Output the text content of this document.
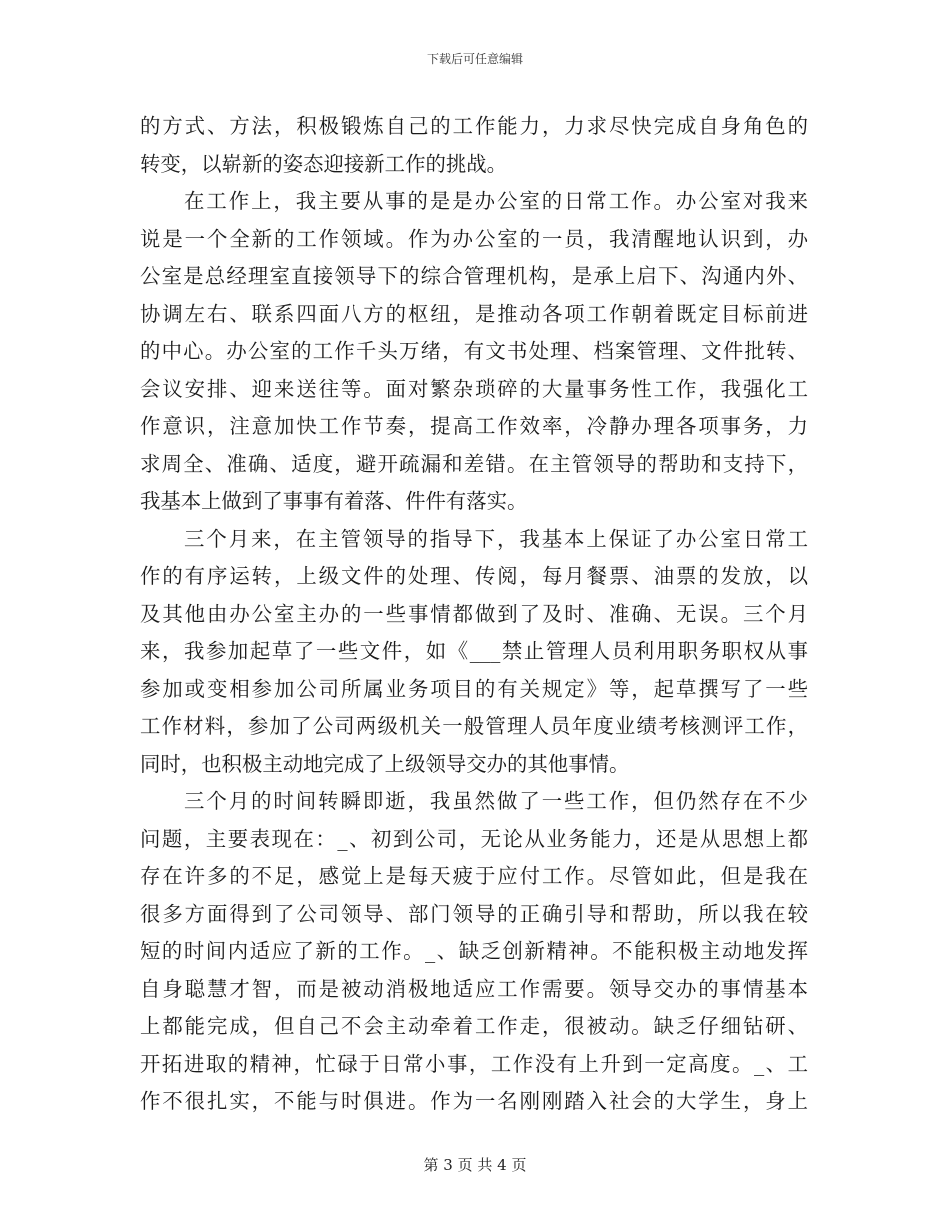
下载后可任意编辑
的方式、方法，积极锻炼自己的工作能力，力求尽快完成自身角色的
转变，以崭新的姿态迎接新工作的挑战。
在工作上，我主要从事的是是办公室的日常工作。办公室对我来
说是一个全新的工作领域。作为办公室的一员，我清醒地认识到，办
公室是总经理室直接领导下的综合管理机构，是承上启下、沟通内外、
协调左右、联系四面八方的枢纽，是推动各项工作朝着既定目标前进
的中心。办公室的工作千头万绪，有文书处理、档案管理、文件批转、
会议安排、迎来送往等。面对繁杂琐碎的大量事务性工作，我强化工
作意识，注意加快工作节奏，提高工作效率，冷静办理各项事务，力
求周全、准确、适度，避开疏漏和差错。在主管领导的帮助和支持下，
我基本上做到了事事有着落、件件有落实。
三个月来，在主管领导的指导下，我基本上保证了办公室日常工
作的有序运转，上级文件的处理、传阅，每月餐票、油票的发放，以
及其他由办公室主办的一些事情都做到了及时、准确、无误。三个月
来，我参加起草了一些文件，如《___禁止管理人员利用职务职权从事
参加或变相参加公司所属业务项目的有关规定》等，起草撰写了一些
工作材料，参加了公司两级机关一般管理人员年度业绩考核测评工作，
同时，也积极主动地完成了上级领导交办的其他事情。
三个月的时间转瞬即逝，我虽然做了一些工作，但仍然存在不少
问题，主要表现在：_、初到公司，无论从业务能力，还是从思想上都
存在许多的不足，感觉上是每天疲于应付工作。尽管如此，但是我在
很多方面得到了公司领导、部门领导的正确引导和帮助，所以我在较
短的时间内适应了新的工作。_、缺乏创新精神。不能积极主动地发挥
自身聪慧才智，而是被动消极地适应工作需要。领导交办的事情基本
上都能完成，但自己不会主动牵着工作走，很被动。缺乏仔细钻研、
开拓进取的精神，忙碌于日常小事，工作没有上升到一定高度。_、工
作不很扎实，不能与时俱进。作为一名刚刚踏入社会的大学生，身上
第 3 页 共 4 页
